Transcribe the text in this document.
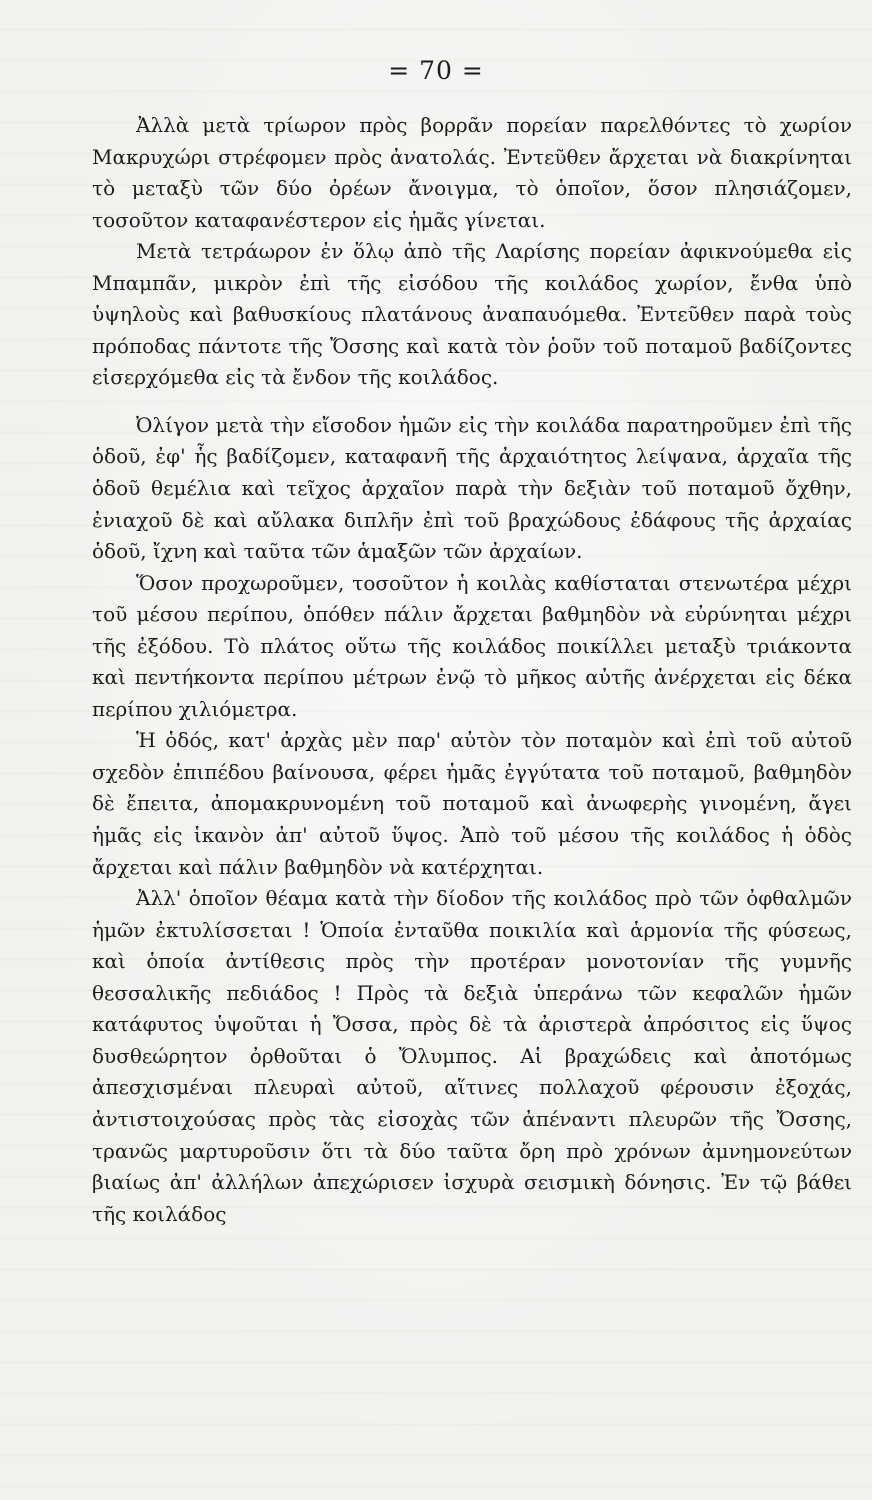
= 70 =

Ἀλλὰ μετὰ τρίωρον πρὸς βορρᾶν πορείαν παρελθόντες τὸ χωρίον Μακρυχώρι στρέφομεν πρὸς ἀνατολάς. Ἐντεῦθεν ἄρχεται νὰ διακρίνηται τὸ μεταξὺ τῶν δύο ὀρέων ἄνοιγμα, τὸ ὁποῖον, ὅσον πλησιάζομεν, τοσοῦτον καταφανέστερον εἰς ἡμᾶς γίνεται.

Μετὰ τετράωρον ἐν ὅλῳ ἀπὸ τῆς Λαρίσης πορείαν ἀφικνούμεθα εἰς Μπαμπᾶν, μικρὸν ἐπὶ τῆς εἰσόδου τῆς κοιλάδος χωρίον, ἔνθα ὑπὸ ὑψηλοὺς καὶ βαθυσκίους πλατάνους ἀναπαυόμεθα. Ἐντεῦθεν παρὰ τοὺς πρόποδας πάντοτε τῆς Ὄσσης καὶ κατὰ τὸν ῥοῦν τοῦ ποταμοῦ βαδίζοντες εἰσερχόμεθα εἰς τὰ ἔνδον τῆς κοιλάδος.

Ὀλίγον μετὰ τὴν εἴσοδον ἡμῶν εἰς τὴν κοιλάδα παρατηροῦμεν ἐπὶ τῆς ὁδοῦ, ἐφ' ἧς βαδίζομεν, καταφανῆ τῆς ἀρχαιότητος λείψανα, ἀρχαῖα τῆς ὁδοῦ θεμέλια καὶ τεῖχος ἀρχαῖον παρὰ τὴν δεξιὰν τοῦ ποταμοῦ ὄχθην, ἐνιαχοῦ δὲ καὶ αὔλακα διπλῆν ἐπὶ τοῦ βραχώδους ἐδάφους τῆς ἀρχαίας ὁδοῦ, ἴχνη καὶ ταῦτα τῶν ἁμαξῶν τῶν ἀρχαίων.

Ὅσον προχωροῦμεν, τοσοῦτον ἡ κοιλὰς καθίσταται στενωτέρα μέχρι τοῦ μέσου περίπου, ὁπόθεν πάλιν ἄρχεται βαθμηδὸν νὰ εὐρύνηται μέχρι τῆς ἐξόδου. Τὸ πλάτος οὕτω τῆς κοιλάδος ποικίλλει μεταξὺ τριάκοντα καὶ πεντήκοντα περίπου μέτρων ἐνῷ τὸ μῆκος αὐτῆς ἀνέρχεται εἰς δέκα περίπου χιλιόμετρα.

Ἡ ὁδός, κατ' ἀρχὰς μὲν παρ' αὐτὸν τὸν ποταμὸν καὶ ἐπὶ τοῦ αὐτοῦ σχεδὸν ἐπιπέδου βαίνουσα, φέρει ἡμᾶς ἐγγύτατα τοῦ ποταμοῦ, βαθμηδὸν δὲ ἔπειτα, ἀπομακρυνομένη τοῦ ποταμοῦ καὶ ἀνωφερὴς γινομένη, ἄγει ἡμᾶς εἰς ἱκανὸν ἀπ' αὐτοῦ ὕψος. Ἀπὸ τοῦ μέσου τῆς κοιλάδος ἡ ὁδὸς ἄρχεται καὶ πάλιν βαθμηδὸν νὰ κατέρχηται.

Ἀλλ' ὁποῖον θέαμα κατὰ τὴν δίοδον τῆς κοιλάδος πρὸ τῶν ὀφθαλμῶν ἡμῶν ἐκτυλίσσεται ! Ὁποία ἐνταῦθα ποικιλία καὶ ἁρμονία τῆς φύσεως, καὶ ὁποία ἀντίθεσις πρὸς τὴν προτέραν μονοτονίαν τῆς γυμνῆς θεσσαλικῆς πεδιάδος ! Πρὸς τὰ δεξιὰ ὑπεράνω τῶν κεφαλῶν ἡμῶν κατάφυτος ὑψοῦται ἡ Ὄσσα, πρὸς δὲ τὰ ἀριστερὰ ἀπρόσιτος εἰς ὕψος δυσθεώρητον ὀρθοῦται ὁ Ὄλυμπος. Αἱ βραχώδεις καὶ ἀποτόμως ἀπεσχισμέναι πλευραὶ αὐτοῦ, αἵτινες πολλαχοῦ φέρουσιν ἐξοχάς, ἀντιστοιχούσας πρὸς τὰς εἰσοχὰς τῶν ἀπέναντι πλευρῶν τῆς Ὄσσης, τρανῶς μαρτυροῦσιν ὅτι τὰ δύο ταῦτα ὄρη πρὸ χρόνων ἀμνημονεύτων βιαίως ἀπ' ἀλλήλων ἀπεχώρισεν ἰσχυρὰ σεισμικὴ δόνησις. Ἐν τῷ βάθει τῆς κοιλάδος
